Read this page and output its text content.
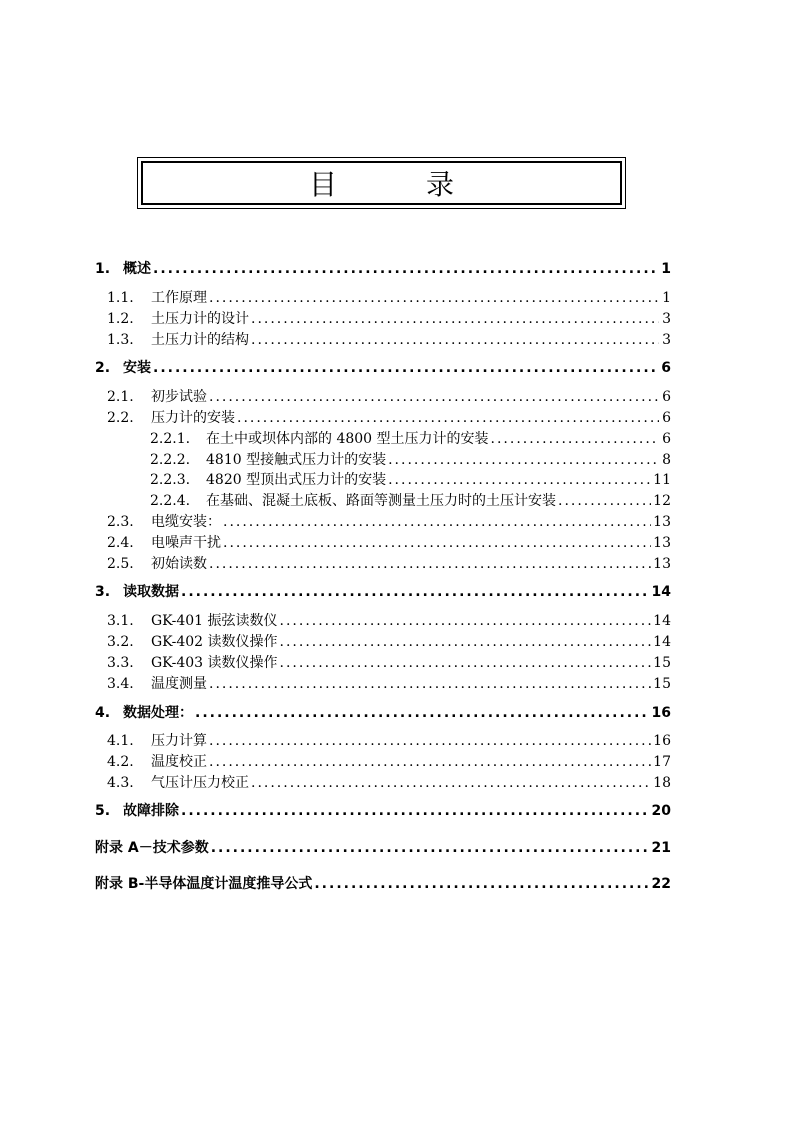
目 录
1. 概述 .....	1
1.1.	工作原理 .....	1
1.2.	土压力计的设计 .....	3
1.3.	土压力计的结构 .....	3
2. 安装 .....	6
2.1.	初步试验 .....	6
2.2.	压力计的安装 .....	6
2.2.1.	在土中或坝体内部的 4800 型土压力计的安装 .....	6
2.2.2.	4810 型接触式压力计的安装 .....	8
2.2.3.	4820 型顶出式压力计的安装 .....	11
2.2.4.	在基础、混凝土底板、路面等测量土压力时的土压计安装 .....	12
2.3.	电缆安装： .....	13
2.4.	电噪声干扰 .....	13
2.5.	初始读数 .....	13
3. 读取数据 .....	14
3.1.	GK-401 振弦读数仪 .....	14
3.2.	GK-402 读数仪操作 .....	14
3.3.	GK-403 读数仪操作 .....	15
3.4.	温度测量 .....	15
4. 数据处理： .....	16
4.1.	压力计算 .....	16
4.2.	温度校正 .....	17
4.3.	气压计压力校正 .....	18
5. 故障排除 .....	20
附录 A－技术参数 .....	21
附录 B-半导体温度计温度推导公式 .....	22
